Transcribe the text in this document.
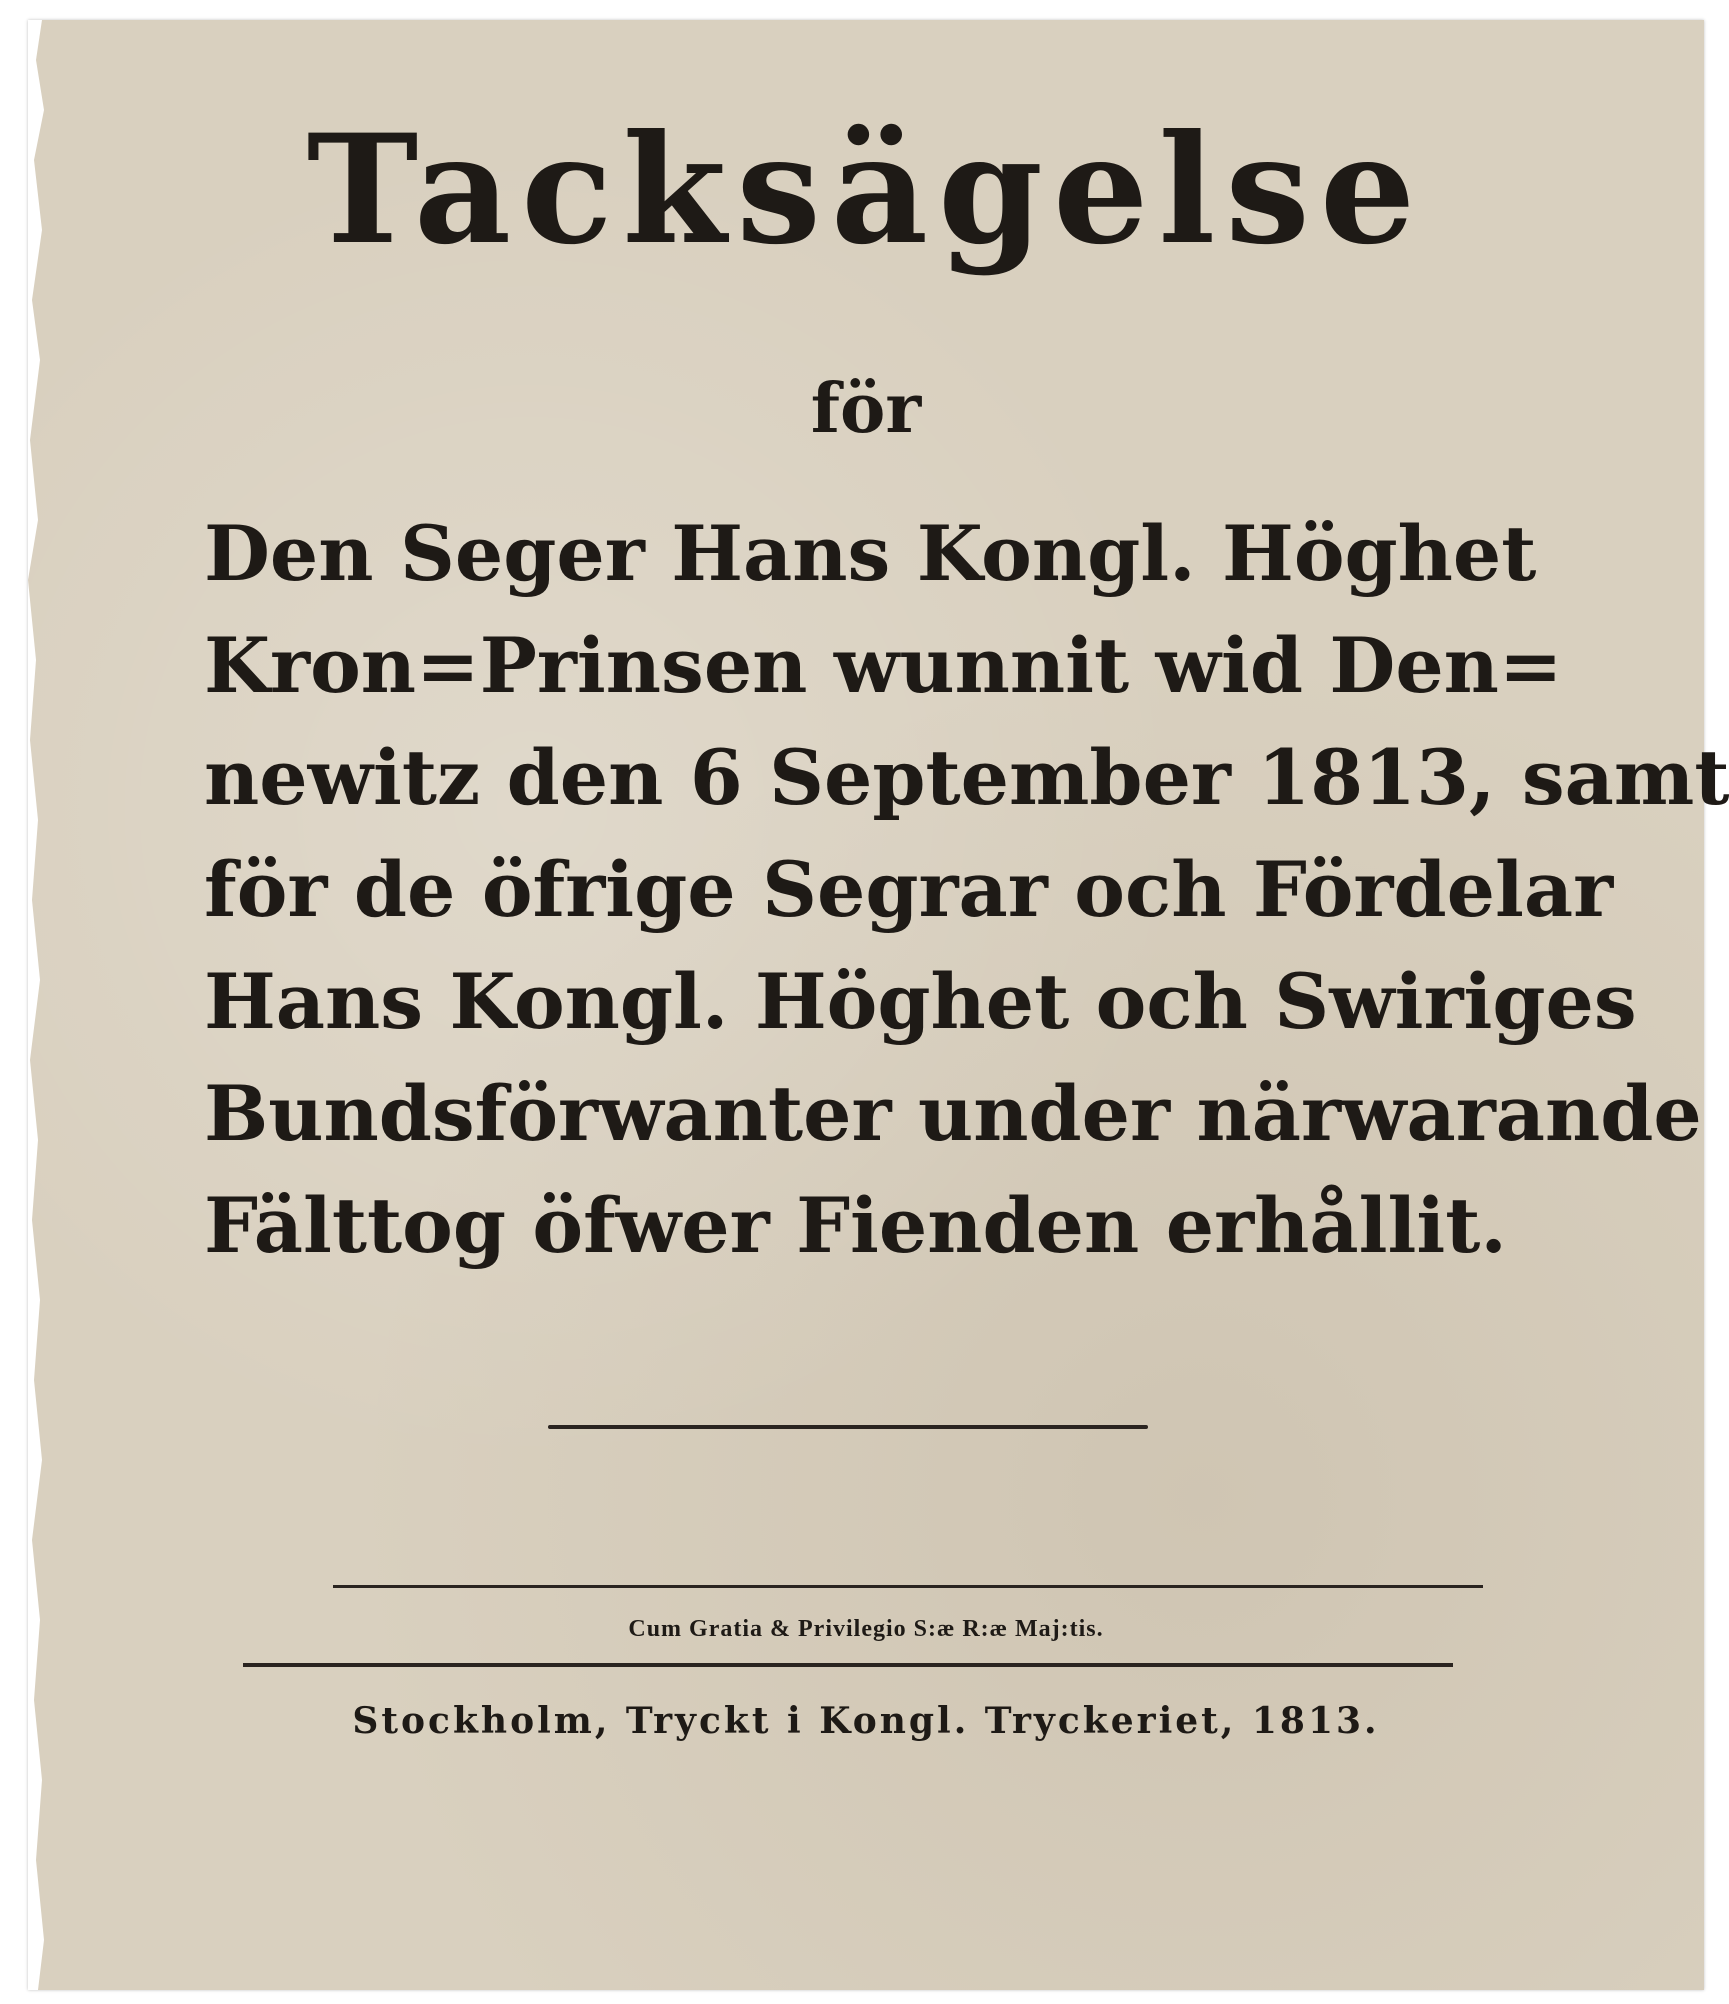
Tacksägelse
för
Den Seger Hans Kongl. Höghet
Kron=Prinsen wunnit wid Den=
newitz den 6 September 1813, samt
för de öfrige Segrar och Fördelar
Hans Kongl. Höghet och Swiriges
Bundsförwanter under närwarande
Fälttog öfwer Fienden erhållit.
Cum Gratia & Privilegio S:æ R:æ Maj:tis.
Stockholm, Tryckt i Kongl. Tryckeriet, 1813.
